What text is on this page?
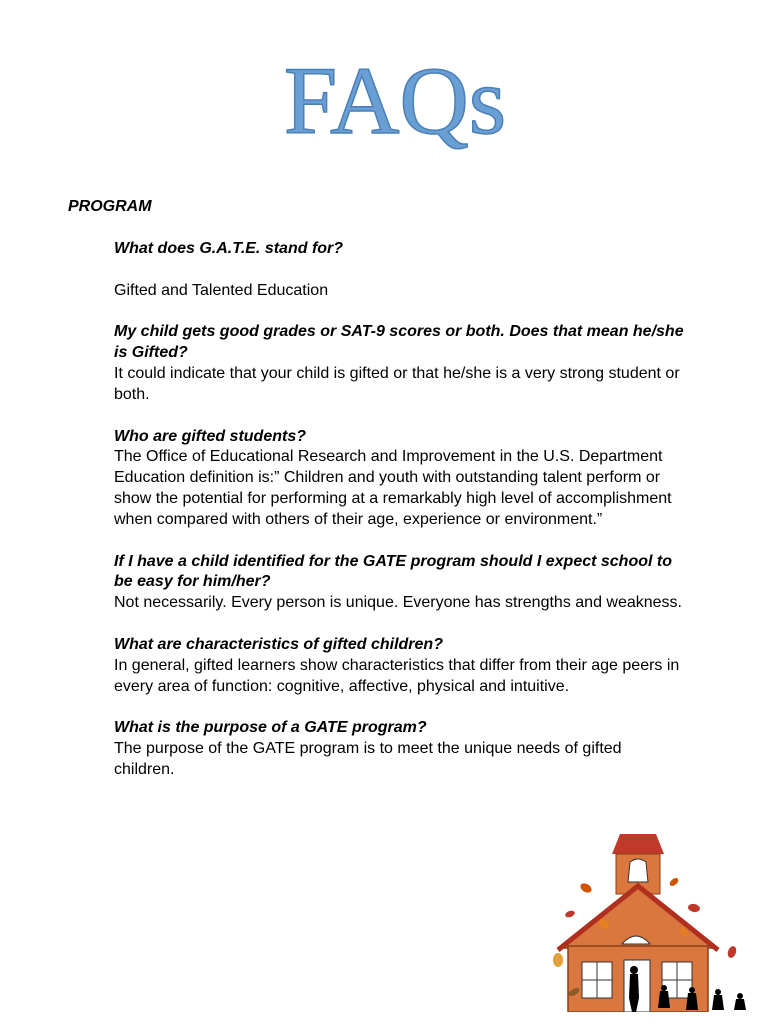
FAQs
PROGRAM
What does G.A.T.E. stand for?
Gifted and Talented Education
My child gets good grades or SAT-9 scores or both. Does that mean he/she is Gifted?
It could indicate that your child is gifted or that he/she is a very strong student or both.
Who are gifted students?
The Office of Educational Research and Improvement in the U.S. Department Education definition is:” Children and youth with outstanding talent perform or show the potential for performing at a remarkably high level of accomplishment when compared with others of their age, experience or environment.”
If I have a child identified for the GATE program should I expect school to be easy for him/her?
Not necessarily. Every person is unique. Everyone has strengths and weakness.
What are characteristics of gifted children?
In general, gifted learners show characteristics that differ from their age peers in every area of function: cognitive, affective, physical and intuitive.
What is the purpose of a GATE program?
The purpose of the GATE program is to meet the unique needs of gifted children.
